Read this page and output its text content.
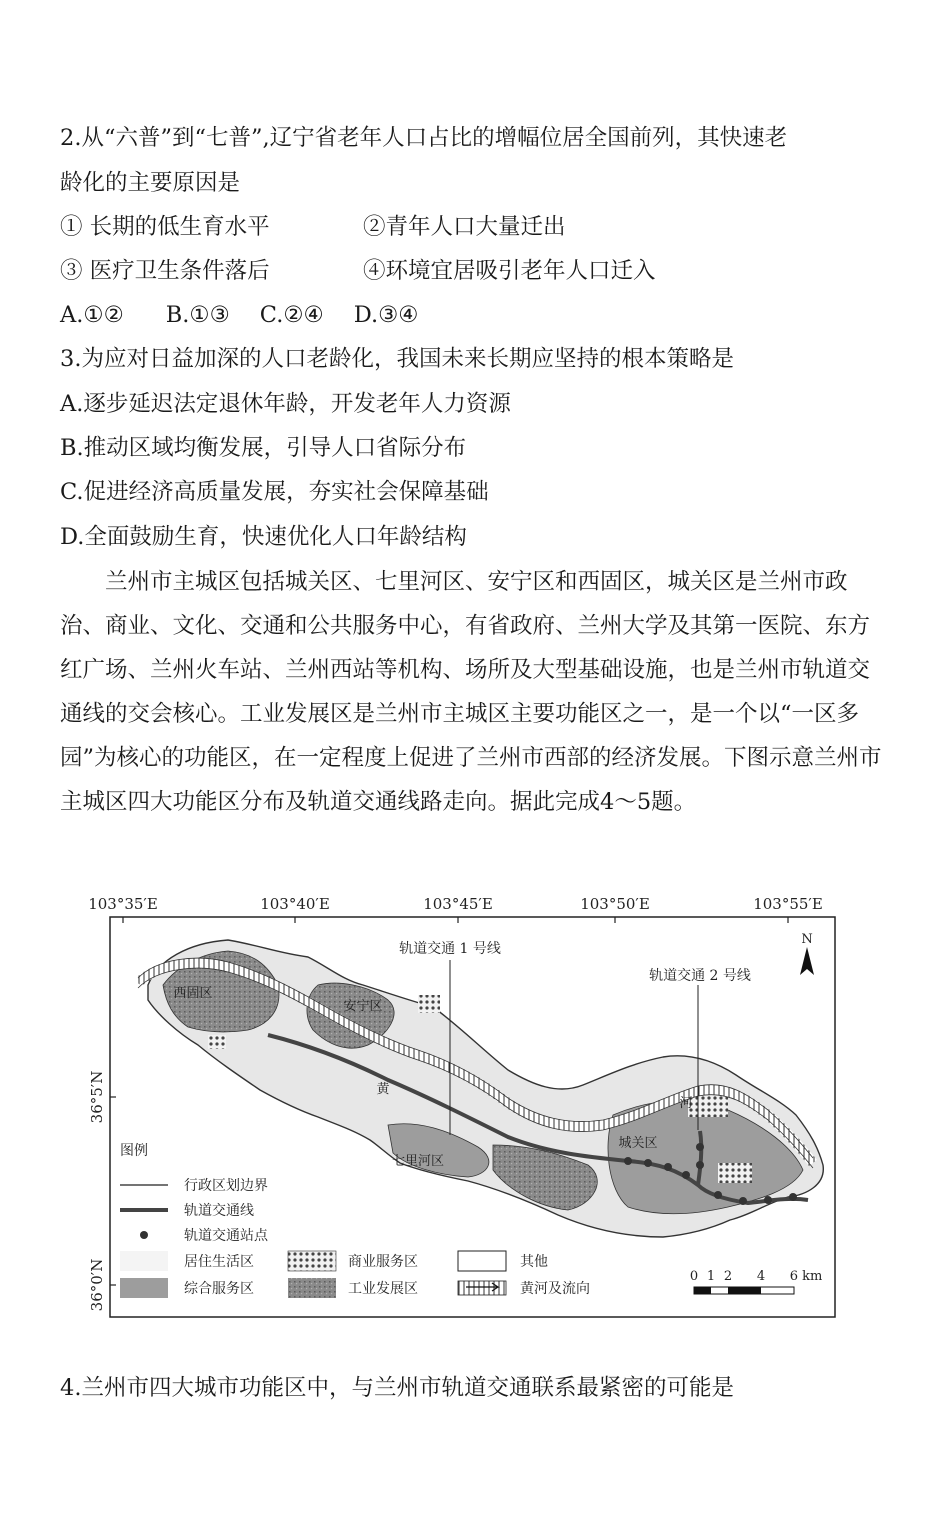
2.从“六普”到“七普”,辽宁省老年人口占比的增幅位居全国前列，其快速老
龄化的主要原因是
① 长期的低生育水平	②青年人口大量迁出
③ 医疗卫生条件落后	④环境宜居吸引老年人口迁入
A.①② B.①③ C.②④ D.③④
3.为应对日益加深的人口老龄化，我国未来长期应坚持的根本策略是
A.逐步延迟法定退休年龄，开发老年人力资源
B.推动区域均衡发展，引导人口省际分布
C.促进经济高质量发展，夯实社会保障基础
D.全面鼓励生育，快速优化人口年龄结构
兰州市主城区包括城关区、七里河区、安宁区和西固区，城关区是兰州市政治、商业、文化、交通和公共服务中心，有省政府、兰州大学及其第一医院、东方红广场、兰州火车站、兰州西站等机构、场所及大型基础设施，也是兰州市轨道交通线的交会核心。工业发展区是兰州市主城区主要功能区之一，是一个以“一区多园”为核心的功能区，在一定程度上促进了兰州市西部的经济发展。下图示意兰州市主城区四大功能区分布及轨道交通线路走向。据此完成4～5题。
103°35′E	103°40′E	103°45′E	103°50′E	103°55′E
36°5′N
36°0′N
轨道交通 1 号线
轨道交通 2 号线
N
西固区
安宁区
七里河区
城关区
黄
河
图例
行政区划边界
轨道交通线
轨道交通站点
居住生活区	商业服务区	其他
综合服务区	工业发展区	黄河及流向
0 1 2 4 6 km
4.兰州市四大城市功能区中，与兰州市轨道交通联系最紧密的可能是
